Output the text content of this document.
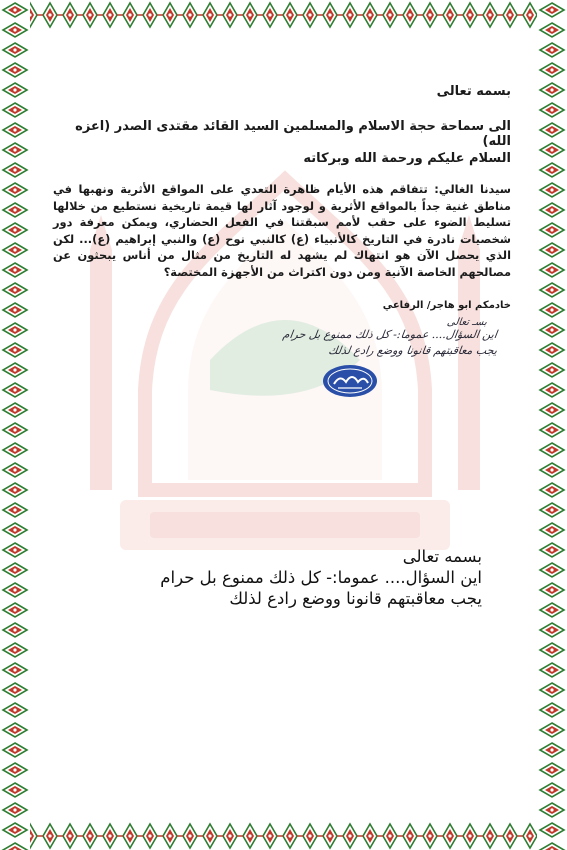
بسمه تعالى
الى سماحة حجة الاسلام والمسلمين السيد القائد مقتدى الصدر (اعزه الله)
السلام عليكم ورحمة الله وبركاته
سيدنا الغالي: تتفاقم هذه الأيام ظاهرة التعدي على المواقع الأثرية ونهبها في مناطق غنية جداً بالمواقع الأثرية و لوجود آثار لها قيمة تاريخية نستطيع من خلالها تسليط الضوء على حقب لأمم سبقتنا في الفعل الحضاري، ويمكن معرفة دور شخصيات نادرة في التاريخ كالأنبياء (ع) كالنبي نوح (ع) والنبي إبراهيم (ع)... لكن الذي يحصل الآن هو انتهاك لم يشهد له التاريخ من مثال من أناس يبحثون عن مصالحهم الخاصة الآنية ومن دون اكتراث من الأجهزة المختصة؟
خادمكم ابو هاجر/ الرفاعي
بسـ تعالى
اين السؤال.... عموما:- كل ذلك ممنوع بل حرام
يجب معاقبتهم قانونا ووضع رادع لذلك
بسمه تعالى
اين السؤال.... عموما:- كل ذلك ممنوع بل حرام
يجب معاقبتهم قانونا ووضع رادع لذلك
